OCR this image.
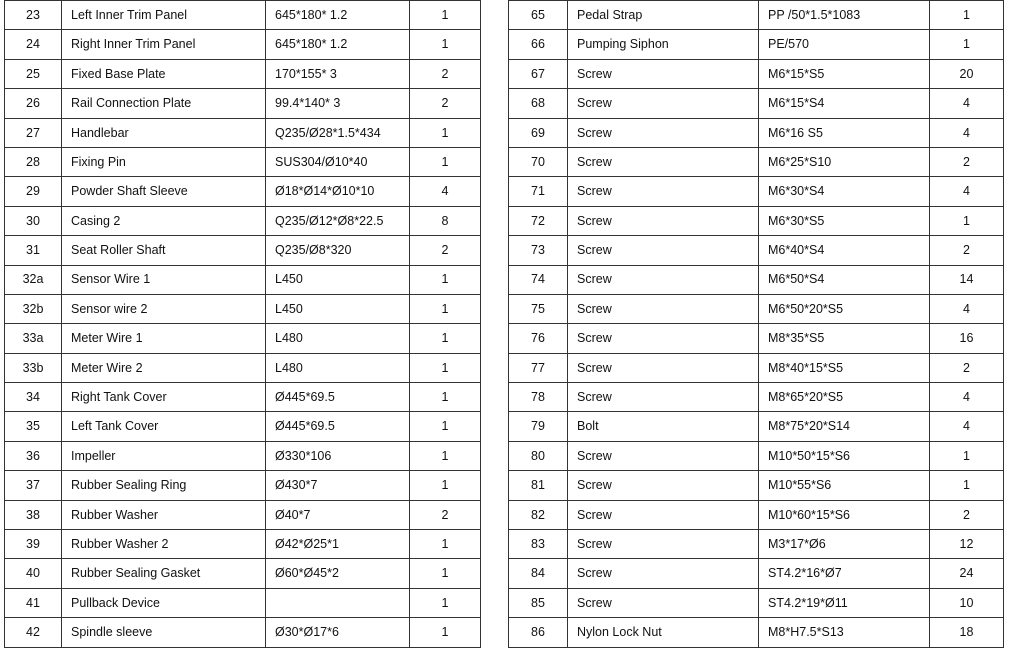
23	Left Inner Trim Panel	645*180* 1.2	1
24	Right Inner Trim Panel	645*180* 1.2	1
25	Fixed Base Plate	170*155* 3	2
26	Rail Connection Plate	99.4*140* 3	2
27	Handlebar	Q235/Ø28*1.5*434	1
28	Fixing Pin	SUS304/Ø10*40	1
29	Powder Shaft Sleeve	Ø18*Ø14*Ø10*10	4
30	Casing 2	Q235/Ø12*Ø8*22.5	8
31	Seat Roller Shaft	Q235/Ø8*320	2
32a	Sensor Wire 1	L450	1
32b	Sensor wire 2	L450	1
33a	Meter Wire 1	L480	1
33b	Meter Wire 2	L480	1
34	Right Tank Cover	Ø445*69.5	1
35	Left Tank Cover	Ø445*69.5	1
36	Impeller	Ø330*106	1
37	Rubber Sealing Ring	Ø430*7	1
38	Rubber Washer	Ø40*7	2
39	Rubber Washer 2	Ø42*Ø25*1	1
40	Rubber Sealing Gasket	Ø60*Ø45*2	1
41	Pullback Device		1
42	Spindle sleeve	Ø30*Ø17*6	1
65	Pedal Strap	PP /50*1.5*1083	1
66	Pumping Siphon	PE/570	1
67	Screw	M6*15*S5	20
68	Screw	M6*15*S4	4
69	Screw	M6*16 S5	4
70	Screw	M6*25*S10	2
71	Screw	M6*30*S4	4
72	Screw	M6*30*S5	1
73	Screw	M6*40*S4	2
74	Screw	M6*50*S4	14
75	Screw	M6*50*20*S5	4
76	Screw	M8*35*S5	16
77	Screw	M8*40*15*S5	2
78	Screw	M8*65*20*S5	4
79	Bolt	M8*75*20*S14	4
80	Screw	M10*50*15*S6	1
81	Screw	M10*55*S6	1
82	Screw	M10*60*15*S6	2
83	Screw	M3*17*Ø6	12
84	Screw	ST4.2*16*Ø7	24
85	Screw	ST4.2*19*Ø11	10
86	Nylon Lock Nut	M8*H7.5*S13	18
